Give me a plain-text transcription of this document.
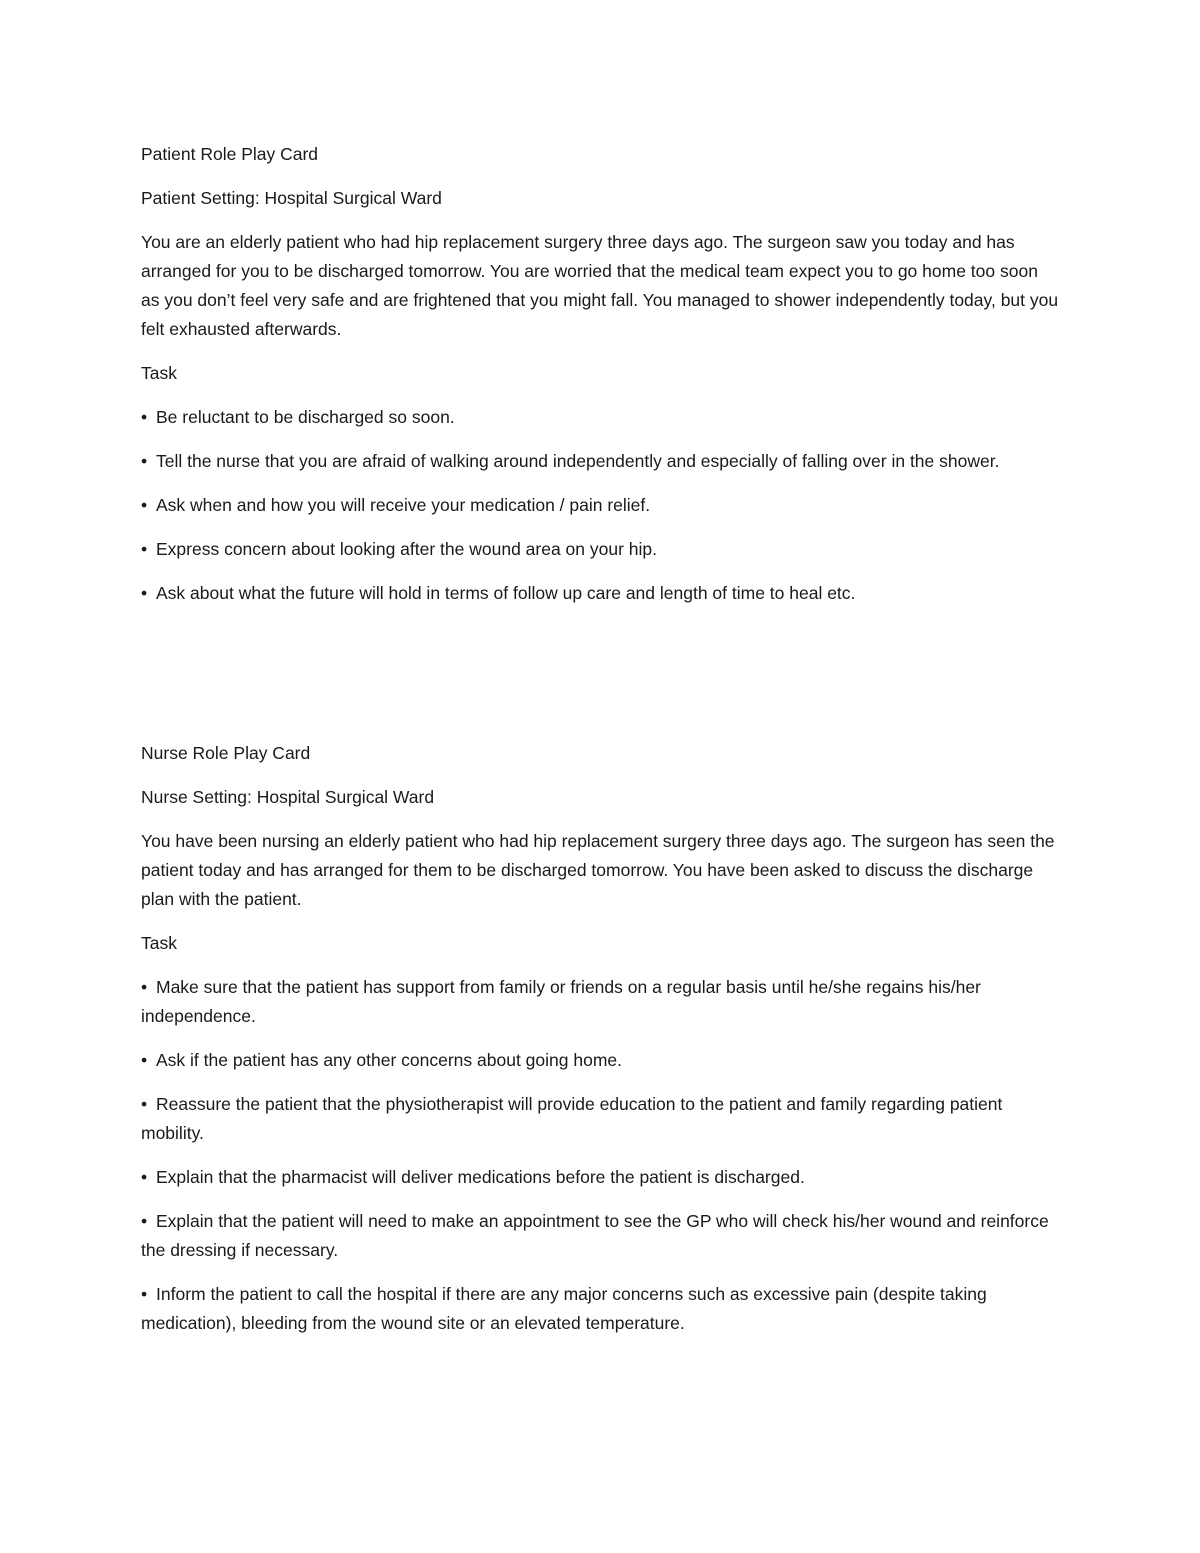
Patient Role Play Card

Patient Setting: Hospital Surgical Ward

You are an elderly patient who had hip replacement surgery three days ago. The surgeon saw you today and has arranged for you to be discharged tomorrow. You are worried that the medical team expect you to go home too soon as you don’t feel very safe and are frightened that you might fall. You managed to shower independently today, but you felt exhausted afterwards.

Task

• Be reluctant to be discharged so soon.

• Tell the nurse that you are afraid of walking around independently and especially of falling over in the shower.

• Ask when and how you will receive your medication / pain relief.

• Express concern about looking after the wound area on your hip.

• Ask about what the future will hold in terms of follow up care and length of time to heal etc.

Nurse Role Play Card

Nurse Setting: Hospital Surgical Ward

You have been nursing an elderly patient who had hip replacement surgery three days ago. The surgeon has seen the patient today and has arranged for them to be discharged tomorrow. You have been asked to discuss the discharge plan with the patient.

Task

• Make sure that the patient has support from family or friends on a regular basis until he/she regains his/her independence.

• Ask if the patient has any other concerns about going home.

• Reassure the patient that the physiotherapist will provide education to the patient and family regarding patient mobility.

• Explain that the pharmacist will deliver medications before the patient is discharged.

• Explain that the patient will need to make an appointment to see the GP who will check his/her wound and reinforce the dressing if necessary.

• Inform the patient to call the hospital if there are any major concerns such as excessive pain (despite taking medication), bleeding from the wound site or an elevated temperature.
